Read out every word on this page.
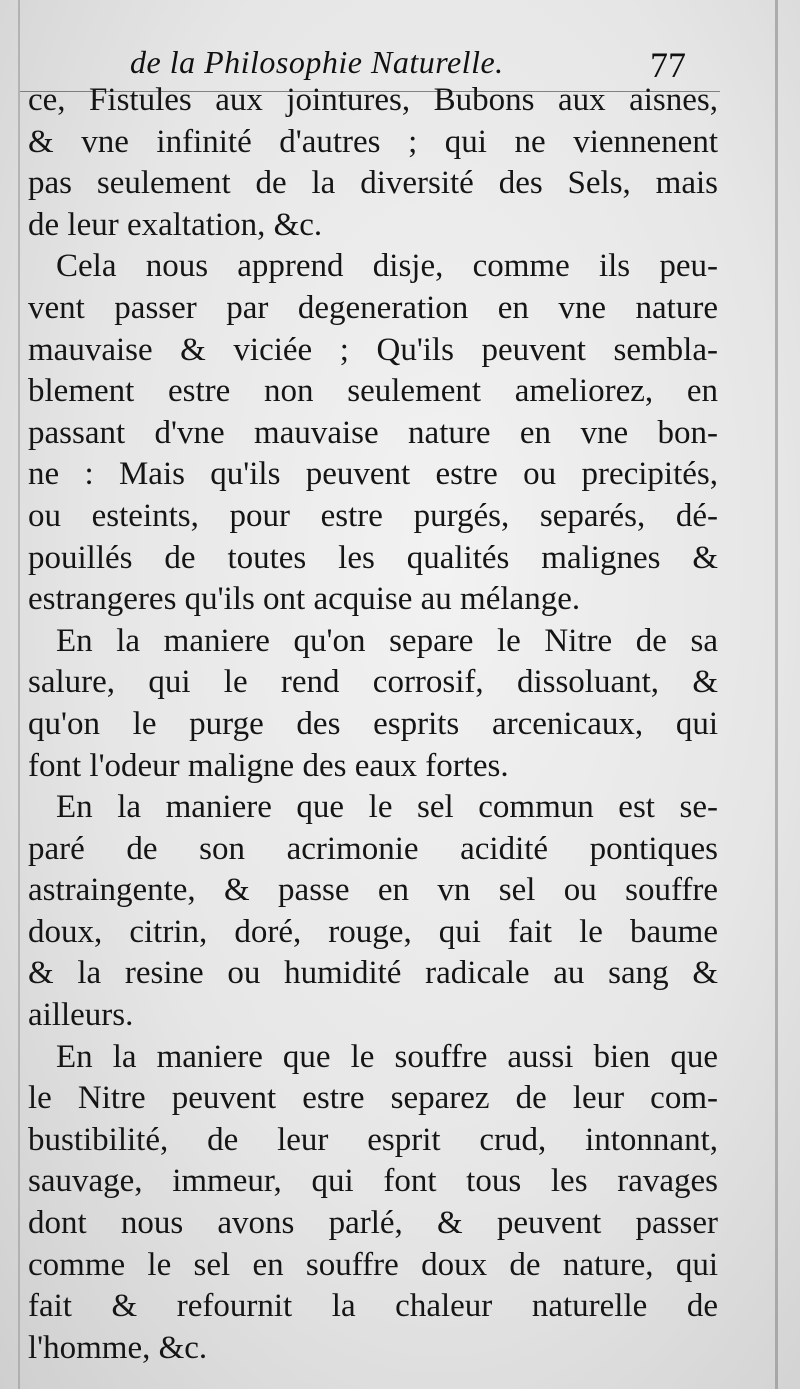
de la Philosophie Naturelle.	77
ce, Fistules aux jointures, Bubons aux aisnes,
& vne infinité d'autres ; qui ne viennenent
pas seulement de la diversité des Sels, mais
de leur exaltation, &c.
Cela nous apprend disje, comme ils peu-
vent passer par degeneration en vne nature
mauvaise & viciée ; Qu'ils peuvent sembla-
blement estre non seulement ameliorez, en
passant d'vne mauvaise nature en vne bon-
ne : Mais qu'ils peuvent estre ou precipités,
ou esteints, pour estre purgés, separés, dé-
pouillés de toutes les qualités malignes &
estrangeres qu'ils ont acquise au mélange.
En la maniere qu'on separe le Nitre de sa
salure, qui le rend corrosif, dissoluant, &
qu'on le purge des esprits arcenicaux, qui
font l'odeur maligne des eaux fortes.
En la maniere que le sel commun est se-
paré de son acrimonie acidité pontiques
astraingente, & passe en vn sel ou souffre
doux, citrin, doré, rouge, qui fait le baume
& la resine ou humidité radicale au sang &
ailleurs.
En la maniere que le souffre aussi bien que
le Nitre peuvent estre separez de leur com-
bustibilité, de leur esprit crud, intonnant,
sauvage, immeur, qui font tous les ravages
dont nous avons parlé, & peuvent passer
comme le sel en souffre doux de nature, qui
fait & refournit la chaleur naturelle de
l'homme, &c.
